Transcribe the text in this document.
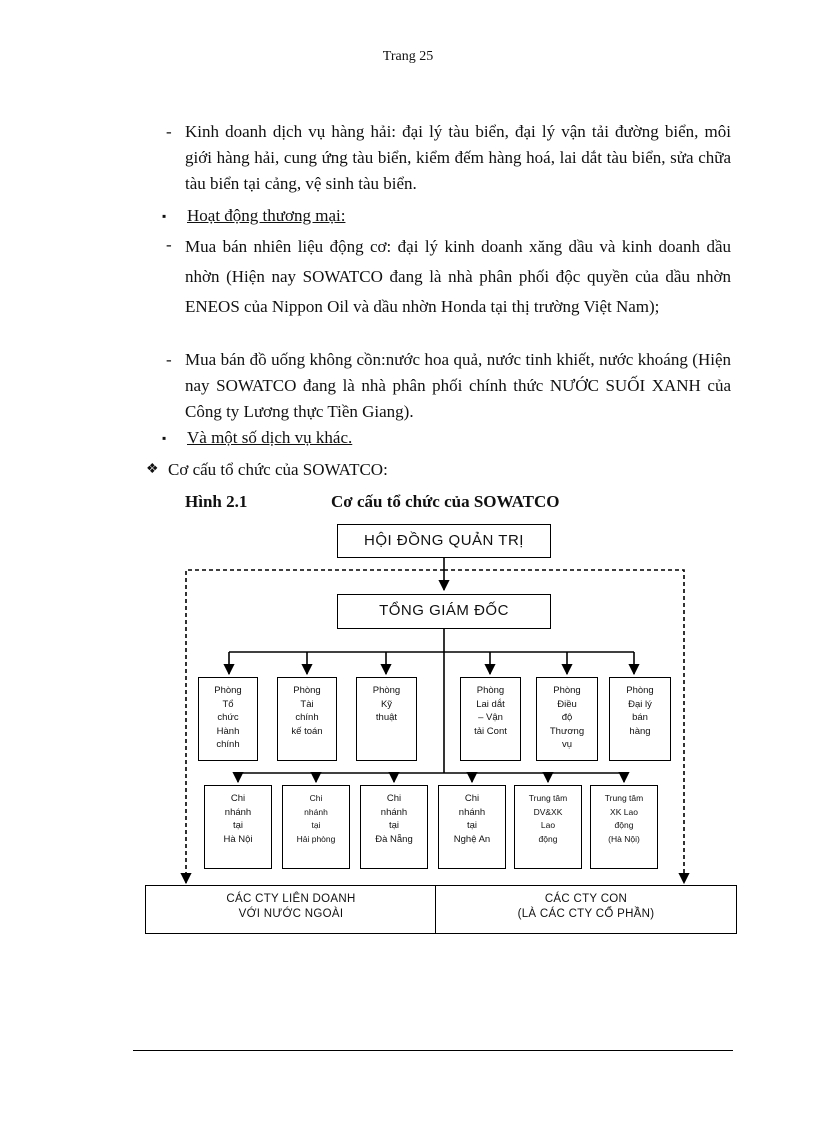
Trang 25
- Kinh doanh dịch vụ hàng hải: đại lý tàu biển, đại lý vận tải đường biển, môi giới hàng hải, cung ứng tàu biển, kiểm đếm hàng hoá, lai dắt tàu biển, sửa chữa tàu biển tại cảng, vệ sinh tàu biển.
▪ Hoạt động thương mại:
- Mua bán nhiên liệu động cơ: đại lý kinh doanh xăng dầu và kinh doanh dầu nhờn (Hiện nay SOWATCO đang là nhà phân phối độc quyền của dầu nhờn ENEOS của Nippon Oil và dầu nhờn Honda tại thị trường Việt Nam);
- Mua bán đồ uống không cồn:nước hoa quả, nước tinh khiết, nước khoáng (Hiện nay SOWATCO đang là nhà phân phối chính thức NƯỚC SUỐI XANH của Công ty Lương thực Tiền Giang).
▪ Và một số dịch vụ khác.
❖ Cơ cấu tổ chức của SOWATCO:
Hình 2.1	Cơ cấu tổ chức của SOWATCO
HỘI ĐỒNG QUẢN TRỊ
TỔNG GIÁM ĐỐC
Phòng
Tổ
chức
Hành
chính
Phòng
Tài
chính
kế toán
Phòng
Kỹ
thuật
Phòng
Lai dắt
– Vận
tải Cont
Phòng
Điều
độ
Thương
vụ
Phòng
Đại lý
bán
hàng
Chi
nhánh
tại
Hà Nội
Chi
nhánh
tại
Hải phòng
Chi
nhánh
tại
Đà Nẵng
Chi
nhánh
tại
Nghệ An
Trung tâm
DV&XK
Lao
động
Trung tâm
XK Lao
động
(Hà Nội)
CÁC CTY LIÊN DOANH
VỚI NƯỚC NGOÀI
CÁC CTY CON
(LÀ CÁC CTY CỔ PHẦN)
